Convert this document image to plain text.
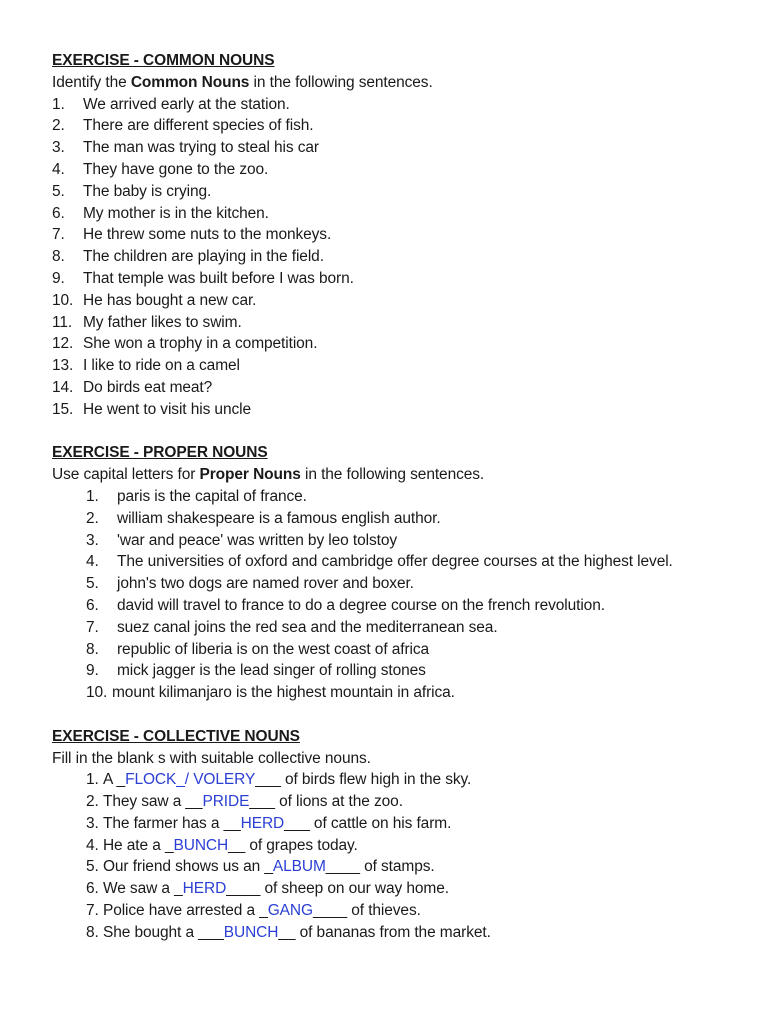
EXERCISE - COMMON NOUNS
Identify the Common Nouns in the following sentences.
1.	We arrived early at the station.
2.	There are different species of fish.
3.	The man was trying to steal his car
4.	They have gone to the zoo.
5.	The baby is crying.
6.	My mother is in the kitchen.
7.	He threw some nuts to the monkeys.
8.	The children are playing in the field.
9.	That temple was built before I was born.
10. He has bought a new car.
11. My father likes to swim.
12. She won a trophy in a competition.
13. I like to ride on a camel
14. Do birds eat meat?
15. He went to visit his uncle
EXERCISE - PROPER NOUNS
Use capital letters for Proper Nouns in the following sentences.
1.	paris is the capital of france.
2.	william shakespeare is a famous english author.
3.	'war and peace' was written by leo tolstoy
4.	The universities of oxford and cambridge offer degree courses at the highest level.
5.	john's two dogs are named rover and boxer.
6.	david will travel to france to do a degree course on the french revolution.
7.	suez canal joins the red sea and the mediterranean sea.
8.	republic of liberia is on the west coast of africa
9.	mick jagger is the lead singer of rolling stones
10. mount kilimanjaro is the highest mountain in africa.
EXERCISE - COLLECTIVE NOUNS
Fill in the blank s with suitable collective nouns.
1. A _FLOCK_/ VOLERY___ of birds flew high in the sky.
2. They saw a __PRIDE___ of lions at the zoo.
3. The farmer has a __HERD___ of cattle on his farm.
4. He ate a _BUNCH__ of grapes today.
5. Our friend shows us an _ALBUM____ of stamps.
6. We saw a _HERD____ of sheep on our way home.
7. Police have arrested a _GANG____ of thieves.
8. She bought a ___BUNCH__ of bananas from the market.
